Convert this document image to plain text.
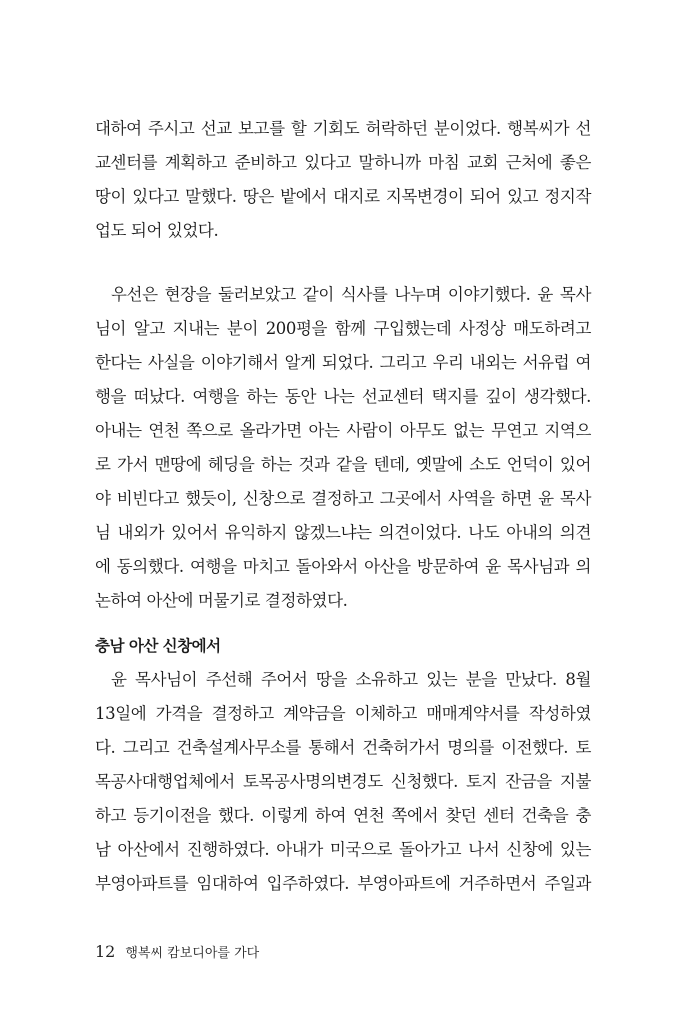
대하여 주시고 선교 보고를 할 기회도 허락하던 분이었다. 행복씨가 선
교센터를 계획하고 준비하고 있다고 말하니까 마침 교회 근처에 좋은
땅이 있다고 말했다. 땅은 밭에서 대지로 지목변경이 되어 있고 정지작
업도 되어 있었다.
우선은 현장을 둘러보았고 같이 식사를 나누며 이야기했다. 윤 목사
님이 알고 지내는 분이 200평을 함께 구입했는데 사정상 매도하려고
한다는 사실을 이야기해서 알게 되었다. 그리고 우리 내외는 서유럽 여
행을 떠났다. 여행을 하는 동안 나는 선교센터 택지를 깊이 생각했다.
아내는 연천 쪽으로 올라가면 아는 사람이 아무도 없는 무연고 지역으
로 가서 맨땅에 헤딩을 하는 것과 같을 텐데, 옛말에 소도 언덕이 있어
야 비빈다고 했듯이, 신창으로 결정하고 그곳에서 사역을 하면 윤 목사
님 내외가 있어서 유익하지 않겠느냐는 의견이었다. 나도 아내의 의견
에 동의했다. 여행을 마치고 돌아와서 아산을 방문하여 윤 목사님과 의
논하여 아산에 머물기로 결정하였다.
충남 아산 신창에서
윤 목사님이 주선해 주어서 땅을 소유하고 있는 분을 만났다. 8월
13일에 가격을 결정하고 계약금을 이체하고 매매계약서를 작성하였
다. 그리고 건축설계사무소를 통해서 건축허가서 명의를 이전했다. 토
목공사대행업체에서 토목공사명의변경도 신청했다. 토지 잔금을 지불
하고 등기이전을 했다. 이렇게 하여 연천 쪽에서 찾던 센터 건축을 충
남 아산에서 진행하였다. 아내가 미국으로 돌아가고 나서 신창에 있는
부영아파트를 임대하여 입주하였다. 부영아파트에 거주하면서 주일과
12 행복씨 캄보디아를 가다
